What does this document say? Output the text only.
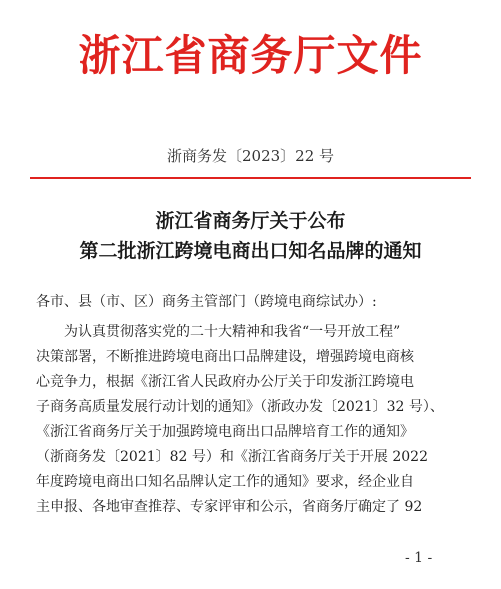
浙江省商务厅文件
浙商务发〔2023〕22 号
浙江省商务厅关于公布
第二批浙江跨境电商出口知名品牌的通知
各市、县（市、区）商务主管部门（跨境电商综试办）:
为认真贯彻落实党的二十大精神和我省“一号开放工程”
决策部署，不断推进跨境电商出口品牌建设，增强跨境电商核
心竞争力，根据《浙江省人民政府办公厅关于印发浙江跨境电
子商务高质量发展行动计划的通知》（浙政办发〔2021〕32 号）、
《浙江省商务厅关于加强跨境电商出口品牌培育工作的通知》
（浙商务发〔2021〕82 号）和《浙江省商务厅关于开展 2022
年度跨境电商出口知名品牌认定工作的通知》要求，经企业自
主申报、各地审查推荐、专家评审和公示，省商务厅确定了 92
- 1 -
